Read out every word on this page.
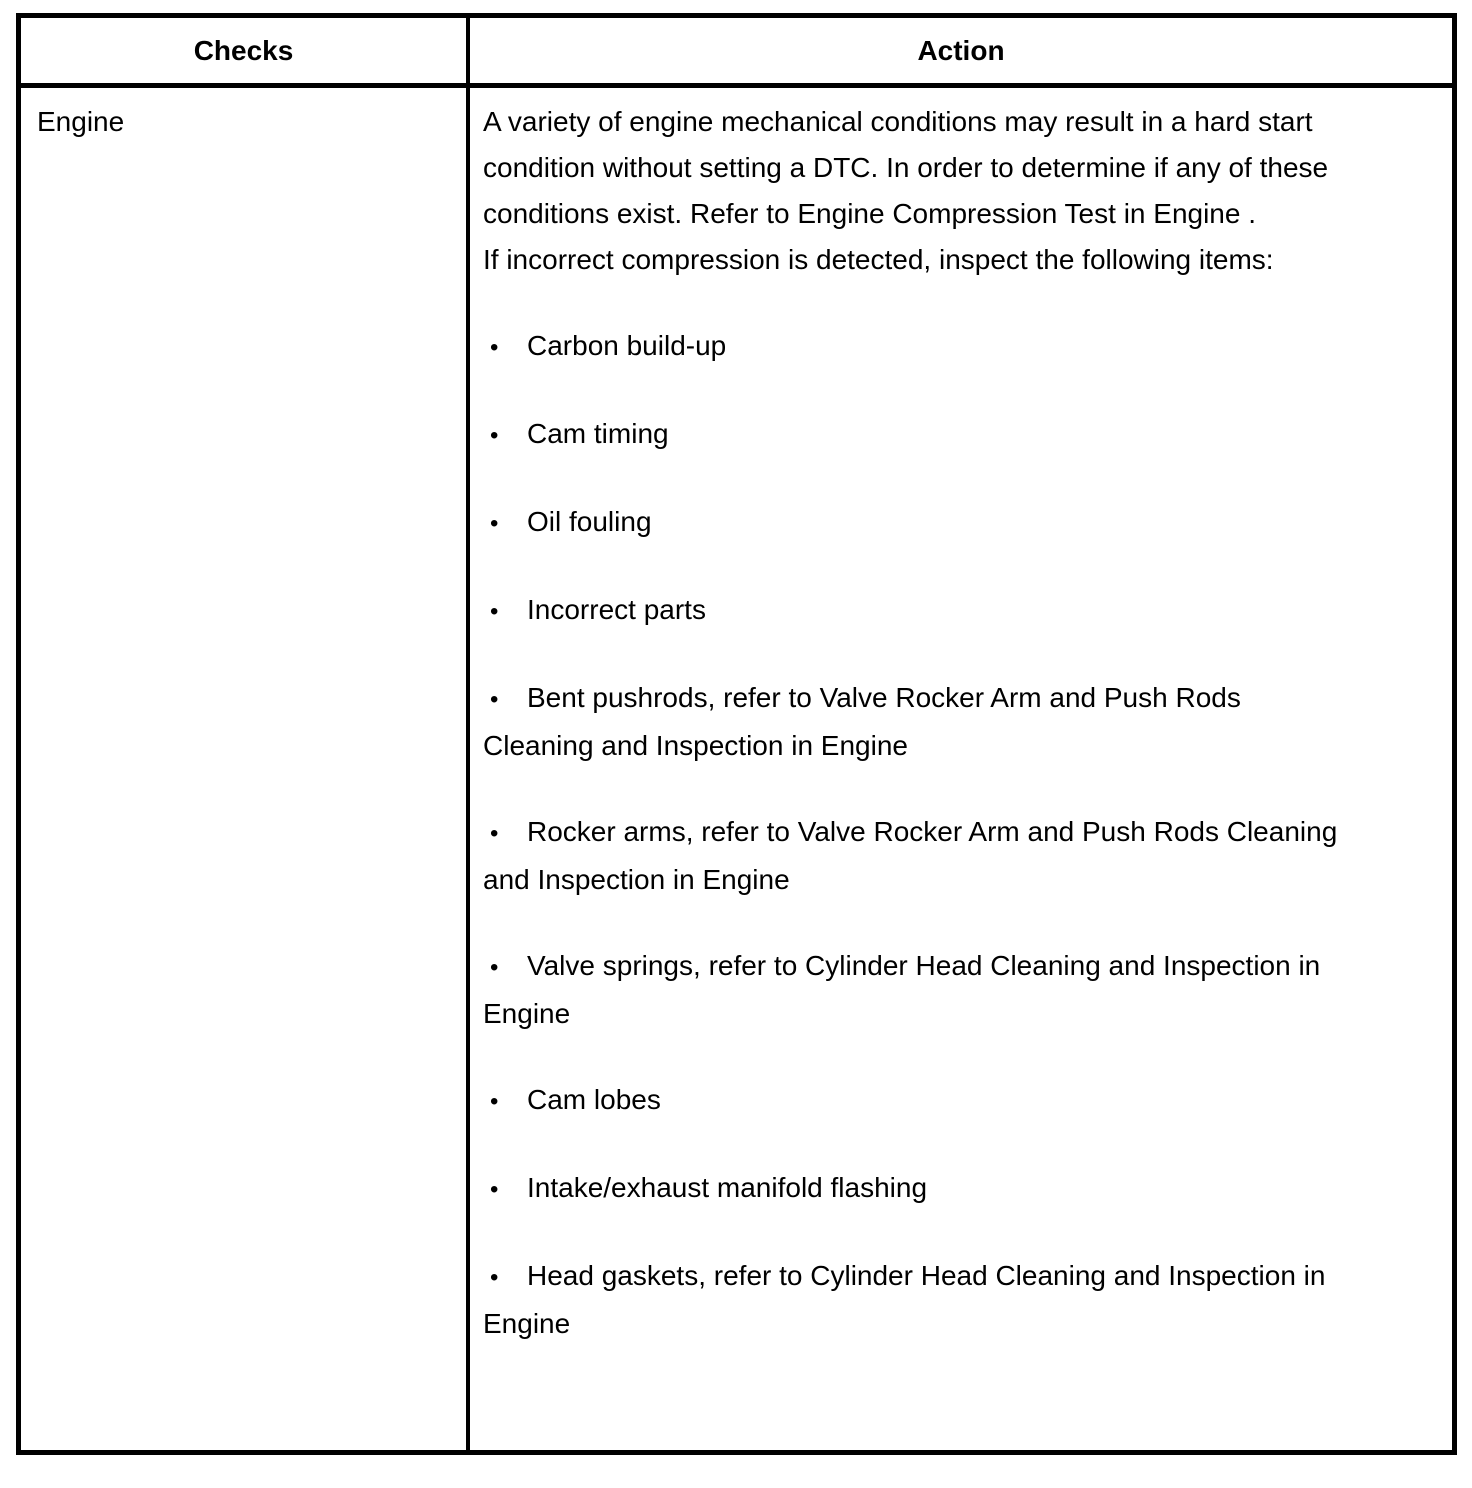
Checks	Action
Engine	A variety of engine mechanical conditions may result in a hard start
condition without setting a DTC. In order to determine if any of these
conditions exist. Refer to Engine Compression Test in Engine .
If incorrect compression is detected, inspect the following items:
• Carbon build-up
• Cam timing
• Oil fouling
• Incorrect parts
• Bent pushrods, refer to Valve Rocker Arm and Push Rods
Cleaning and Inspection in Engine
• Rocker arms, refer to Valve Rocker Arm and Push Rods Cleaning
and Inspection in Engine
• Valve springs, refer to Cylinder Head Cleaning and Inspection in
Engine
• Cam lobes
• Intake/exhaust manifold flashing
• Head gaskets, refer to Cylinder Head Cleaning and Inspection in
Engine
